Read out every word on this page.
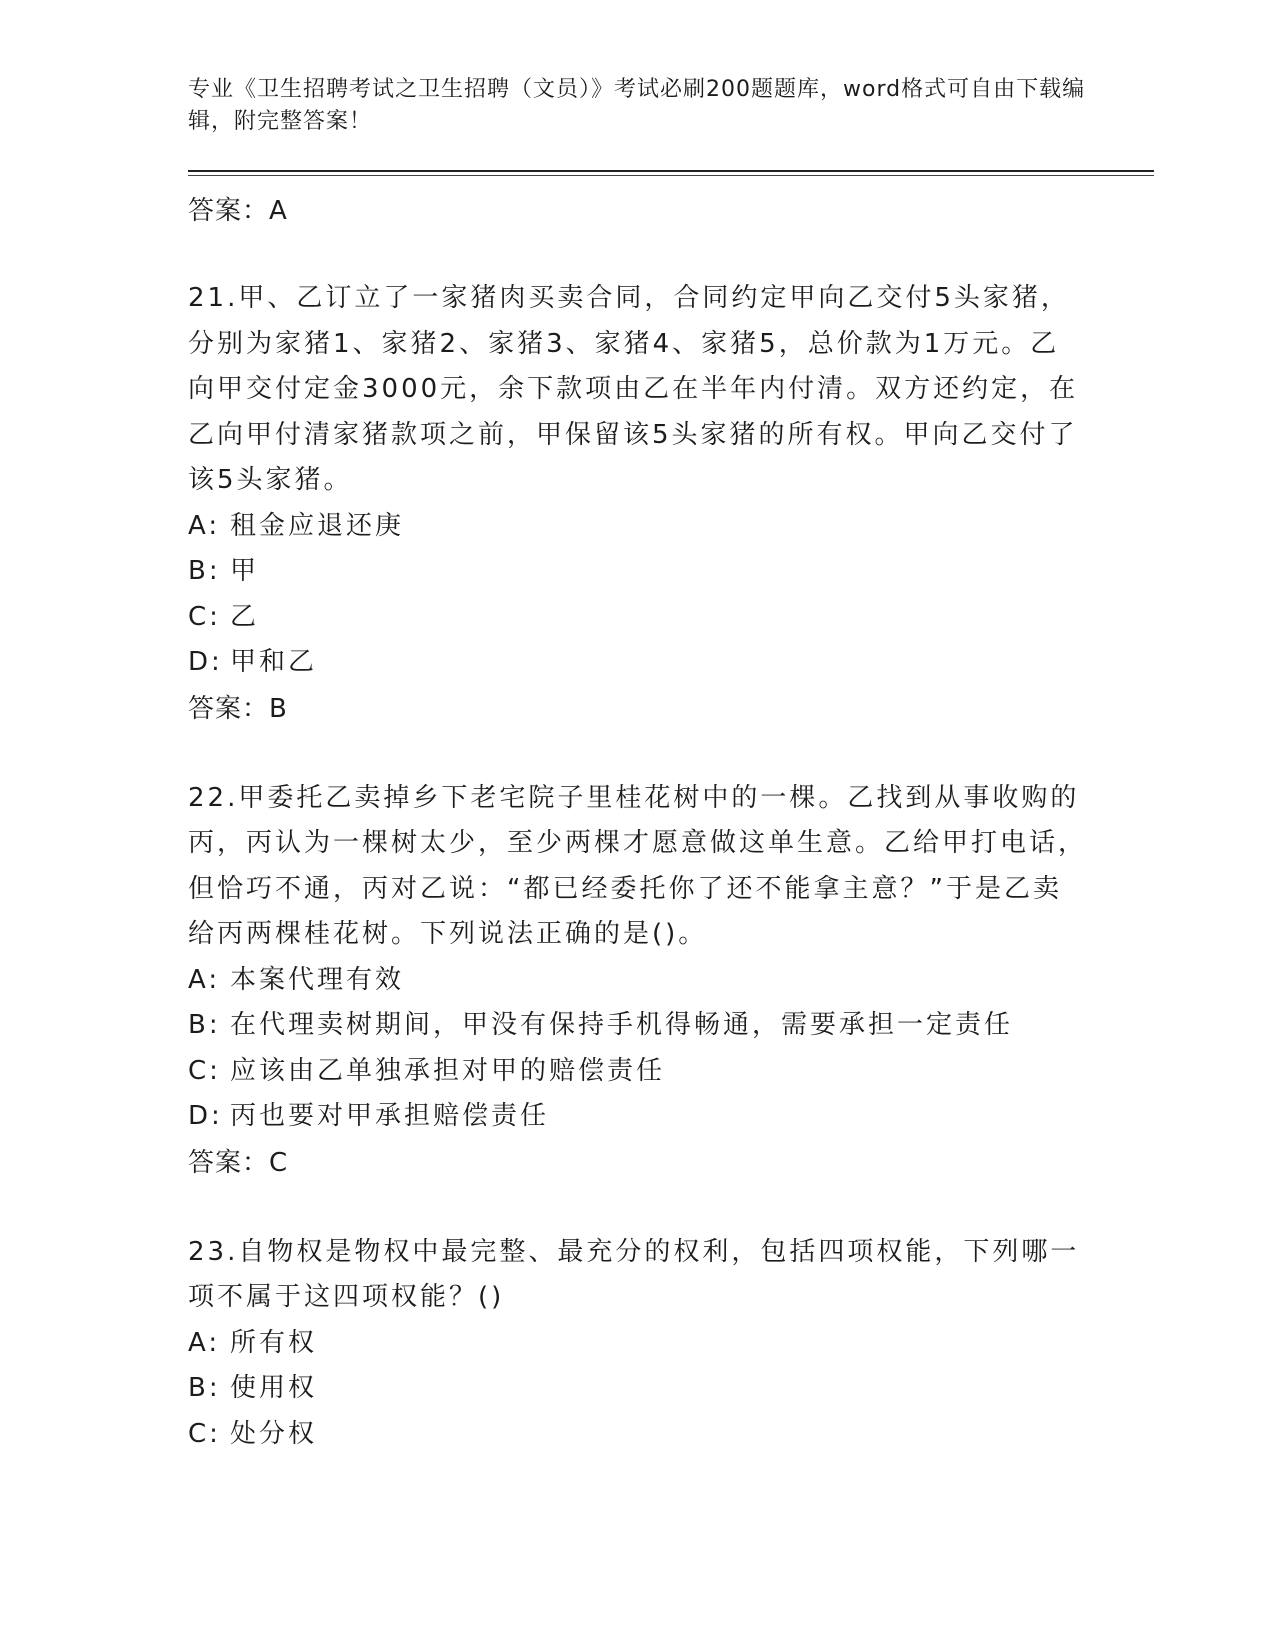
专业《卫生招聘考试之卫生招聘（文员）》考试必刷200题题库，word格式可自由下载编辑，附完整答案！
答案：A

21.甲、乙订立了一家猪肉买卖合同，合同约定甲向乙交付5头家猪，分别为家猪1、家猪2、家猪3、家猪4、家猪5，总价款为1万元。乙向甲交付定金3000元，余下款项由乙在半年内付清。双方还约定，在乙向甲付清家猪款项之前，甲保留该5头家猪的所有权。甲向乙交付了该5头家猪。

A: 租金应退还庚
B: 甲
C: 乙
D: 甲和乙
答案：B

22.甲委托乙卖掉乡下老宅院子里桂花树中的一棵。乙找到从事收购的丙，丙认为一棵树太少，至少两棵才愿意做这单生意。乙给甲打电话，但恰巧不通，丙对乙说：“都已经委托你了还不能拿主意？”于是乙卖给丙两棵桂花树。下列说法正确的是()。

A: 本案代理有效
B: 在代理卖树期间，甲没有保持手机得畅通，需要承担一定责任
C: 应该由乙单独承担对甲的赔偿责任
D: 丙也要对甲承担赔偿责任
答案：C

23.自物权是物权中最完整、最充分的权利，包括四项权能，下列哪一项不属于这四项权能？()

A: 所有权
B: 使用权
C: 处分权
